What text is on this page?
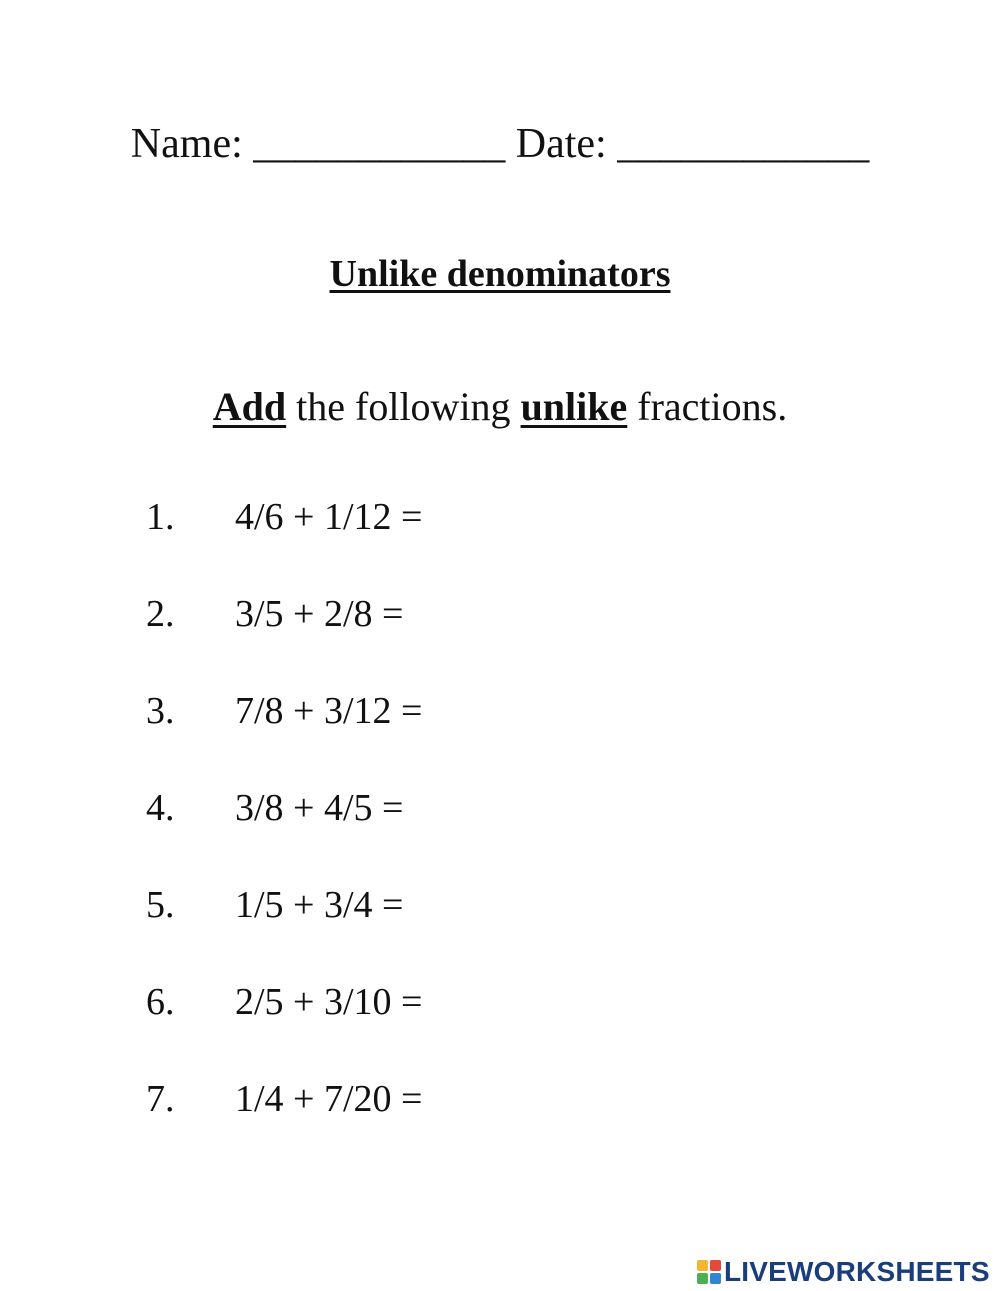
Name: ____________ Date: ____________
Unlike denominators
Add the following unlike fractions.
1. 4/6 + 1/12 =
2. 3/5 + 2/8 =
3. 7/8 + 3/12 =
4. 3/8 + 4/5 =
5. 1/5 + 3/4 =
6. 2/5 + 3/10 =
7. 1/4 + 7/20 =
LIVEWORKSHEETS
